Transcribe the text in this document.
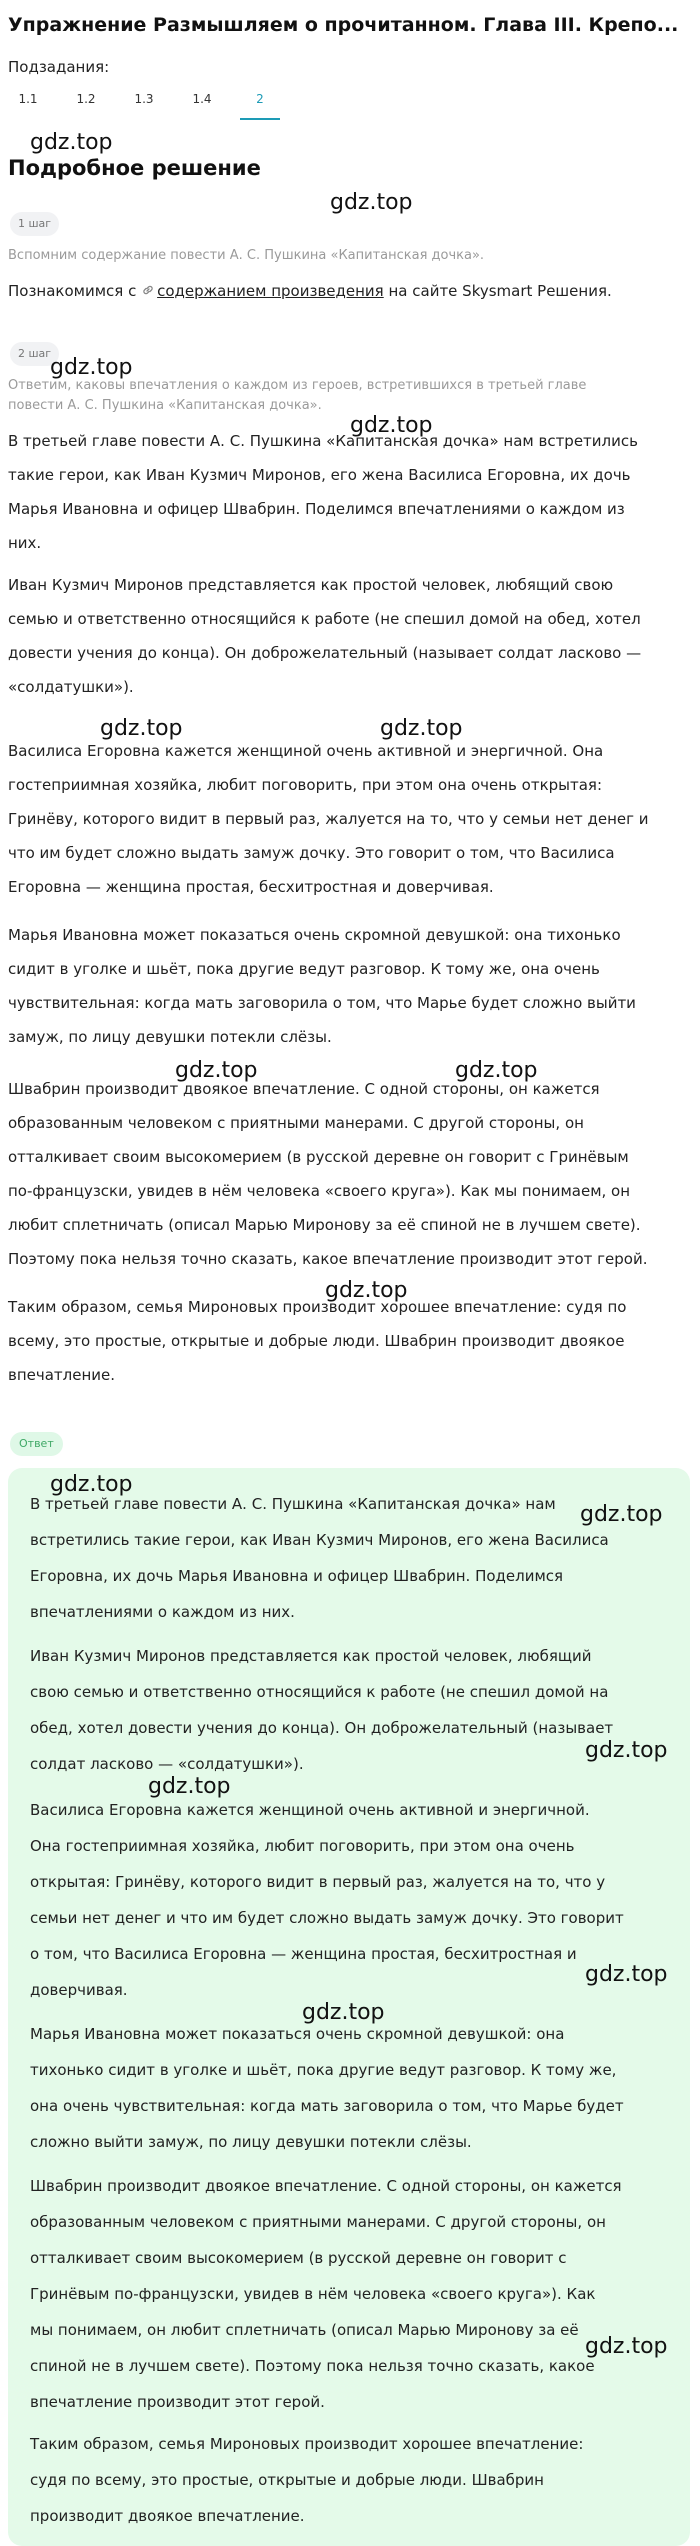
Упражнение Размышляем о прочитанном. Глава III. Крепо...
Подзадания:
1.1	1.2	1.3	1.4	2
Подробное решение
1 шаг
Вспомним содержание повести А. С. Пушкина «Капитанская дочка».
Познакомимся с содержанием произведения на сайте Skysmart Решения.
2 шаг
Ответим, каковы впечатления о каждом из героев, встретившихся в третьей главе
повести А. С. Пушкина «Капитанская дочка».
В третьей главе повести А. С. Пушкина «Капитанская дочка» нам встретились
такие герои, как Иван Кузмич Миронов, его жена Василиса Егоровна, их дочь
Марья Ивановна и офицер Швабрин. Поделимся впечатлениями о каждом из
них.
Иван Кузмич Миронов представляется как простой человек, любящий свою
семью и ответственно относящийся к работе (не спешил домой на обед, хотел
довести учения до конца). Он доброжелательный (называет солдат ласково —
«солдатушки»).
Василиса Егоровна кажется женщиной очень активной и энергичной. Она
гостеприимная хозяйка, любит поговорить, при этом она очень открытая:
Гринёву, которого видит в первый раз, жалуется на то, что у семьи нет денег и
что им будет сложно выдать замуж дочку. Это говорит о том, что Василиса
Егоровна — женщина простая, бесхитростная и доверчивая.
Марья Ивановна может показаться очень скромной девушкой: она тихонько
сидит в уголке и шьёт, пока другие ведут разговор. К тому же, она очень
чувствительная: когда мать заговорила о том, что Марье будет сложно выйти
замуж, по лицу девушки потекли слёзы.
Швабрин производит двоякое впечатление. С одной стороны, он кажется
образованным человеком с приятными манерами. С другой стороны, он
отталкивает своим высокомерием (в русской деревне он говорит с Гринёвым
по-французски, увидев в нём человека «своего круга»). Как мы понимаем, он
любит сплетничать (описал Марью Миронову за её спиной не в лучшем свете).
Поэтому пока нельзя точно сказать, какое впечатление производит этот герой.
Таким образом, семья Мироновых производит хорошее впечатление: судя по
всему, это простые, открытые и добрые люди. Швабрин производит двоякое
впечатление.
Ответ
В третьей главе повести А. С. Пушкина «Капитанская дочка» нам
встретились такие герои, как Иван Кузмич Миронов, его жена Василиса
Егоровна, их дочь Марья Ивановна и офицер Швабрин. Поделимся
впечатлениями о каждом из них.
Иван Кузмич Миронов представляется как простой человек, любящий
свою семью и ответственно относящийся к работе (не спешил домой на
обед, хотел довести учения до конца). Он доброжелательный (называет
солдат ласково — «солдатушки»).
Василиса Егоровна кажется женщиной очень активной и энергичной.
Она гостеприимная хозяйка, любит поговорить, при этом она очень
открытая: Гринёву, которого видит в первый раз, жалуется на то, что у
семьи нет денег и что им будет сложно выдать замуж дочку. Это говорит
о том, что Василиса Егоровна — женщина простая, бесхитростная и
доверчивая.
Марья Ивановна может показаться очень скромной девушкой: она
тихонько сидит в уголке и шьёт, пока другие ведут разговор. К тому же,
она очень чувствительная: когда мать заговорила о том, что Марье будет
сложно выйти замуж, по лицу девушки потекли слёзы.
Швабрин производит двоякое впечатление. С одной стороны, он кажется
образованным человеком с приятными манерами. С другой стороны, он
отталкивает своим высокомерием (в русской деревне он говорит с
Гринёвым по-французски, увидев в нём человека «своего круга»). Как
мы понимаем, он любит сплетничать (описал Марью Миронову за её
спиной не в лучшем свете). Поэтому пока нельзя точно сказать, какое
впечатление производит этот герой.
Таким образом, семья Мироновых производит хорошее впечатление:
судя по всему, это простые, открытые и добрые люди. Швабрин
производит двоякое впечатление.
gdz.top
gdz.top
gdz.top
gdz.top
gdz.top	gdz.top
gdz.top	gdz.top
gdz.top
gdz.top
gdz.top
gdz.top
gdz.top
gdz.top
gdz.top
gdz.top
